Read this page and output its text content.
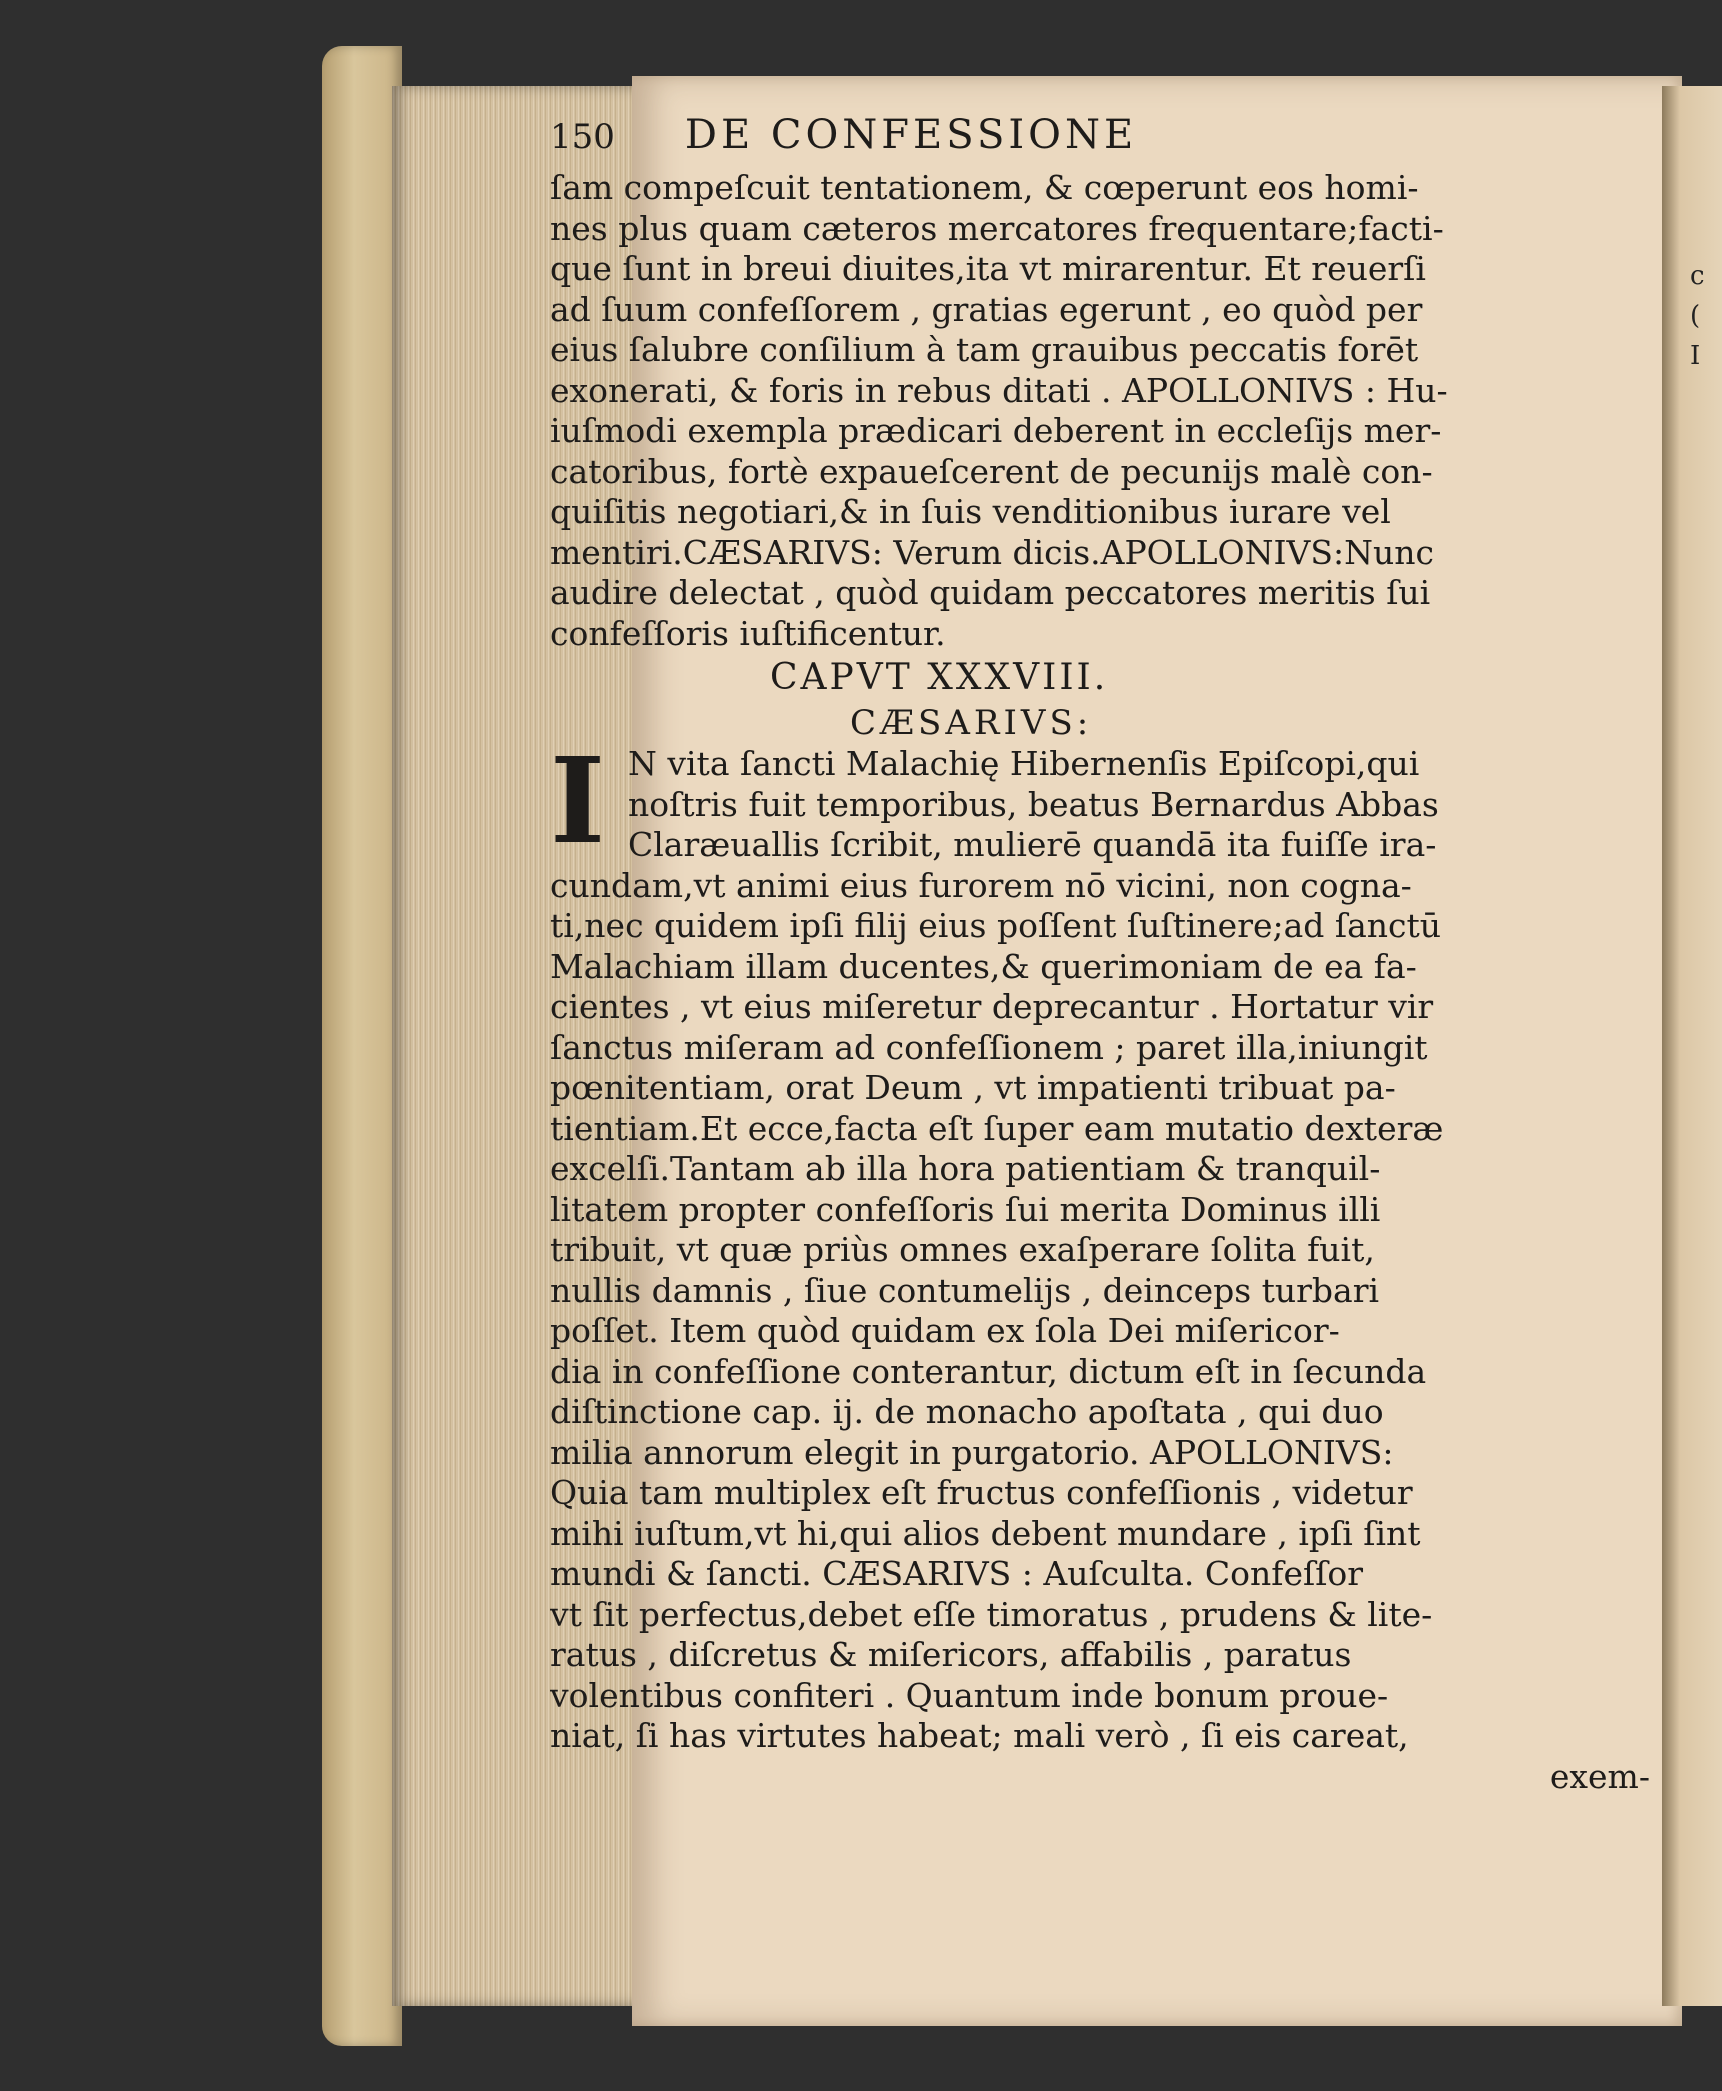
c
(
I
150 DE CONFESSIONE
ſam compeſcuit tentationem, & cœperunt eos homi-
nes plus quam cæteros mercatores frequentare;facti-
que ſunt in breui diuites,ita vt mirarentur. Et reuerſi
ad ſuum confeſſorem , gratias egerunt , eo quòd per
eius ſalubre conſilium à tam grauibus peccatis forēt
exonerati, & foris in rebus ditati . APOLLONIVS : Hu-
iuſmodi exempla prædicari deberent in eccleſijs mer-
catoribus, fortè expaueſcerent de pecunijs malè con-
quiſitis negotiari,& in ſuis venditionibus iurare vel
mentiri.CÆSARIVS: Verum dicis.APOLLONIVS:Nunc
audire delectat , quòd quidam peccatores meritis ſui
confeſſoris iuſtificentur.
CAPVT XXXVIII.
CÆSARIVS:
I N vita ſancti Malachię Hibernenſis Epiſcopi,qui
noſtris fuit temporibus, beatus Bernardus Abbas
Claræuallis ſcribit, mulierē quandā ita fuiſſe ira-
cundam,vt animi eius furorem nō vicini, non cogna-
ti,nec quidem ipſi filij eius poſſent ſuſtinere;ad ſanctū
Malachiam illam ducentes,& querimoniam de ea fa-
cientes , vt eius miſeretur deprecantur . Hortatur vir
ſanctus miſeram ad confeſſionem ; paret illa,iniungit
pœnitentiam, orat Deum , vt impatienti tribuat pa-
tientiam.Et ecce,facta eſt ſuper eam mutatio dexteræ
excelſi.Tantam ab illa hora patientiam & tranquil-
litatem propter confeſſoris ſui merita Dominus illi
tribuit, vt quæ priùs omnes exaſperare ſolita fuit,
nullis damnis , ſiue contumelijs , deinceps turbari
poſſet. Item quòd quidam ex ſola Dei miſericor-
dia in confeſſione conterantur, dictum eſt in ſecunda
diſtinctione cap. ij. de monacho apoſtata , qui duo
milia annorum elegit in purgatorio. APOLLONIVS:
Quia tam multiplex eſt fructus confeſſionis , videtur
mihi iuſtum,vt hi,qui alios debent mundare , ipſi ſint
mundi & ſancti. CÆSARIVS : Auſculta. Confeſſor
vt ſit perfectus,debet eſſe timoratus , prudens & lite-
ratus , diſcretus & miſericors, affabilis , paratus
volentibus confiteri . Quantum inde bonum proue-
niat, ſi has virtutes habeat; mali verò , ſi eis careat,
exem-
